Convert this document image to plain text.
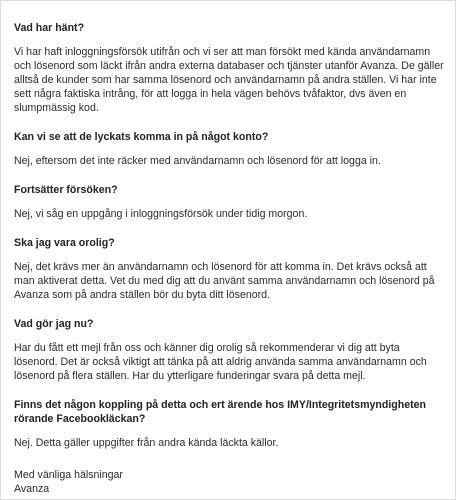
Vad har hänt?

Vi har haft inloggningsförsök utifrån och vi ser att man försökt med kända användarnamn och lösenord som läckt ifrån andra externa databaser och tjänster utanför Avanza. De gäller alltså de kunder som har samma lösenord och användarnamn på andra ställen. Vi har inte sett några faktiska intrång, för att logga in hela vägen behövs tvåfaktor, dvs även en slumpmässig kod.

Kan vi se att de lyckats komma in på något konto?

Nej, eftersom det inte räcker med användarnamn och lösenord för att logga in.

Fortsätter försöken?

Nej, vi såg en uppgång i inloggningsförsök under tidig morgon.

Ska jag vara orolig?

Nej, det krävs mer än användarnamn och lösenord för att komma in. Det krävs också att man aktiverat detta. Vet du med dig att du använt samma användarnamn och lösenord på Avanza som på andra ställen bör du byta ditt lösenord.

Vad gör jag nu?

Har du fått ett mejl från oss och känner dig orolig så rekommenderar vi dig att byta lösenord. Det är också viktigt att tänka på att aldrig använda samma användarnamn och lösenord på flera ställen. Har du ytterligare funderingar svara på detta mejl.

Finns det någon koppling på detta och ert ärende hos IMY/Integritetsmyndigheten rörande Facebookläckan?

Nej. Detta gäller uppgifter från andra kända läckta källor.

Med vänliga hälsningar

Avanza
